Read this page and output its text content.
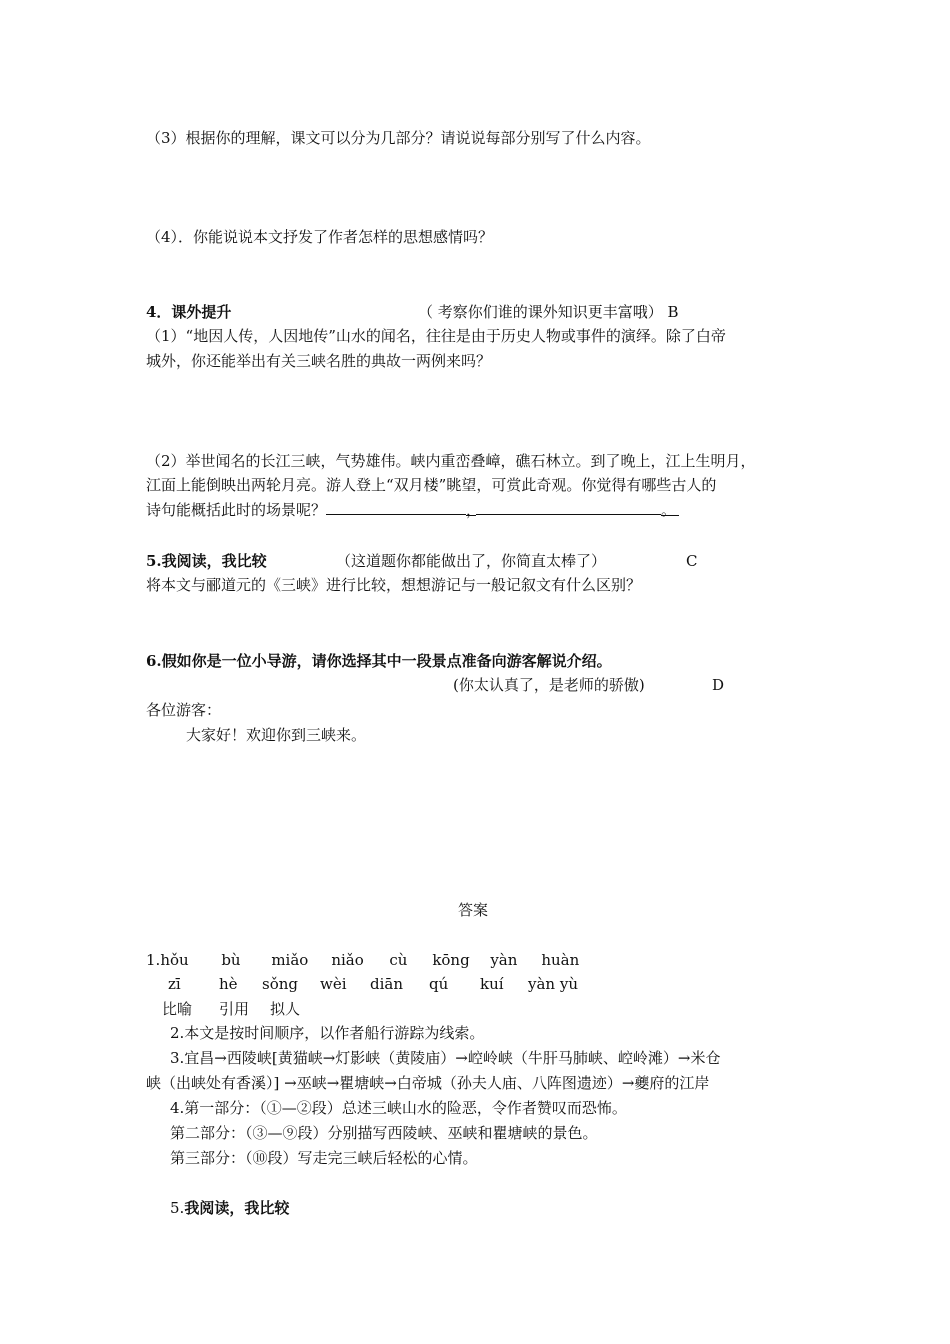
（3）根据你的理解，课文可以分为几部分？请说说每部分别写了什么内容。
（4）．你能说说本文抒发了作者怎样的思想感情吗？
4．课外提升	（ 考察你们谁的课外知识更丰富哦） B
（1）“地因人传，人因地传”山水的闻名，往往是由于历史人物或事件的演绎。除了白帝
城外，你还能举出有关三峡名胜的典故一两例来吗？
（2）举世闻名的长江三峡，气势雄伟。峡内重峦叠嶂，礁石林立。到了晚上，江上生明月，
江面上能倒映出两轮月亮。游人登上“双月楼”眺望，可赏此奇观。你觉得有哪些古人的
诗句能概括此时的场景呢？	，	。
5.我阅读，我比较	（这道题你都能做出了，你简直太棒了）	C
将本文与郦道元的《三峡》进行比较，想想游记与一般记叙文有什么区别？
6.假如你是一位小导游，请你选择其中一段景点准备向游客解说介绍。
(你太认真了，是老师的骄傲)	D
各位游客：
大家好！欢迎你到三峡来。
答案
1.hǒu bù miǎo niǎo cù kōng yàn huàn
zī	hè sǒng wèi diān qú kuí yàn yù
比喻 引用 拟人
2.本文是按时间顺序，以作者船行游踪为线索。
3.宜昌→西陵峡[黄猫峡→灯影峡（黄陵庙）→崆岭峡（牛肝马肺峡、崆岭滩）→米仓
峡（出峡处有香溪）] →巫峡→瞿塘峡→白帝城（孙夫人庙、八阵图遗迹）→夔府的江岸
4.第一部分：（①—②段）总述三峡山水的险恶，令作者赞叹而恐怖。
第二部分：（③—⑨段）分别描写西陵峡、巫峡和瞿塘峡的景色。
第三部分：（⑩段）写走完三峡后轻松的心情。
5.我阅读，我比较
